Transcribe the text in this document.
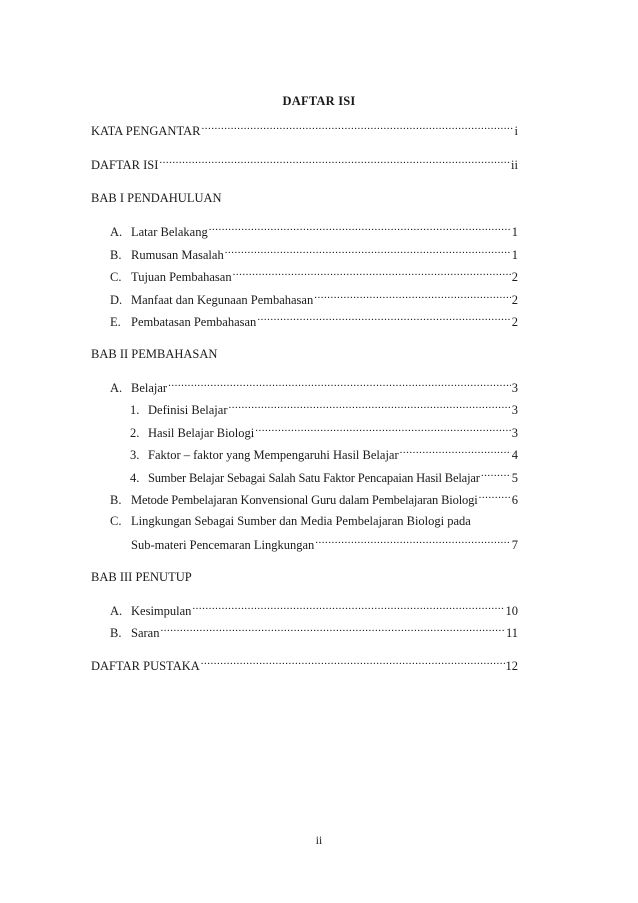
DAFTAR ISI
KATA PENGANTAR .....	i
DAFTAR ISI .....	ii
BAB I PENDAHULUAN
A. Latar Belakang .....	1
B. Rumusan Masalah .....	1
C. Tujuan Pembahasan .....	2
D. Manfaat dan Kegunaan Pembahasan .....	2
E. Pembatasan Pembahasan .....	2
BAB II PEMBAHASAN
A. Belajar .....	3
1. Definisi Belajar .....	3
2. Hasil Belajar Biologi .....	3
3. Faktor – faktor yang Mempengaruhi Hasil Belajar .....	4
4. Sumber Belajar Sebagai Salah Satu Faktor Pencapaian Hasil Belajar .....	5
B. Metode Pembelajaran Konvensional Guru dalam Pembelajaran Biologi .....	6
C. Lingkungan Sebagai Sumber dan Media Pembelajaran Biologi pada
Sub-materi Pencemaran Lingkungan .....	7
BAB III PENUTUP
A. Kesimpulan .....	10
B. Saran .....	11
DAFTAR PUSTAKA .....	12
ii
